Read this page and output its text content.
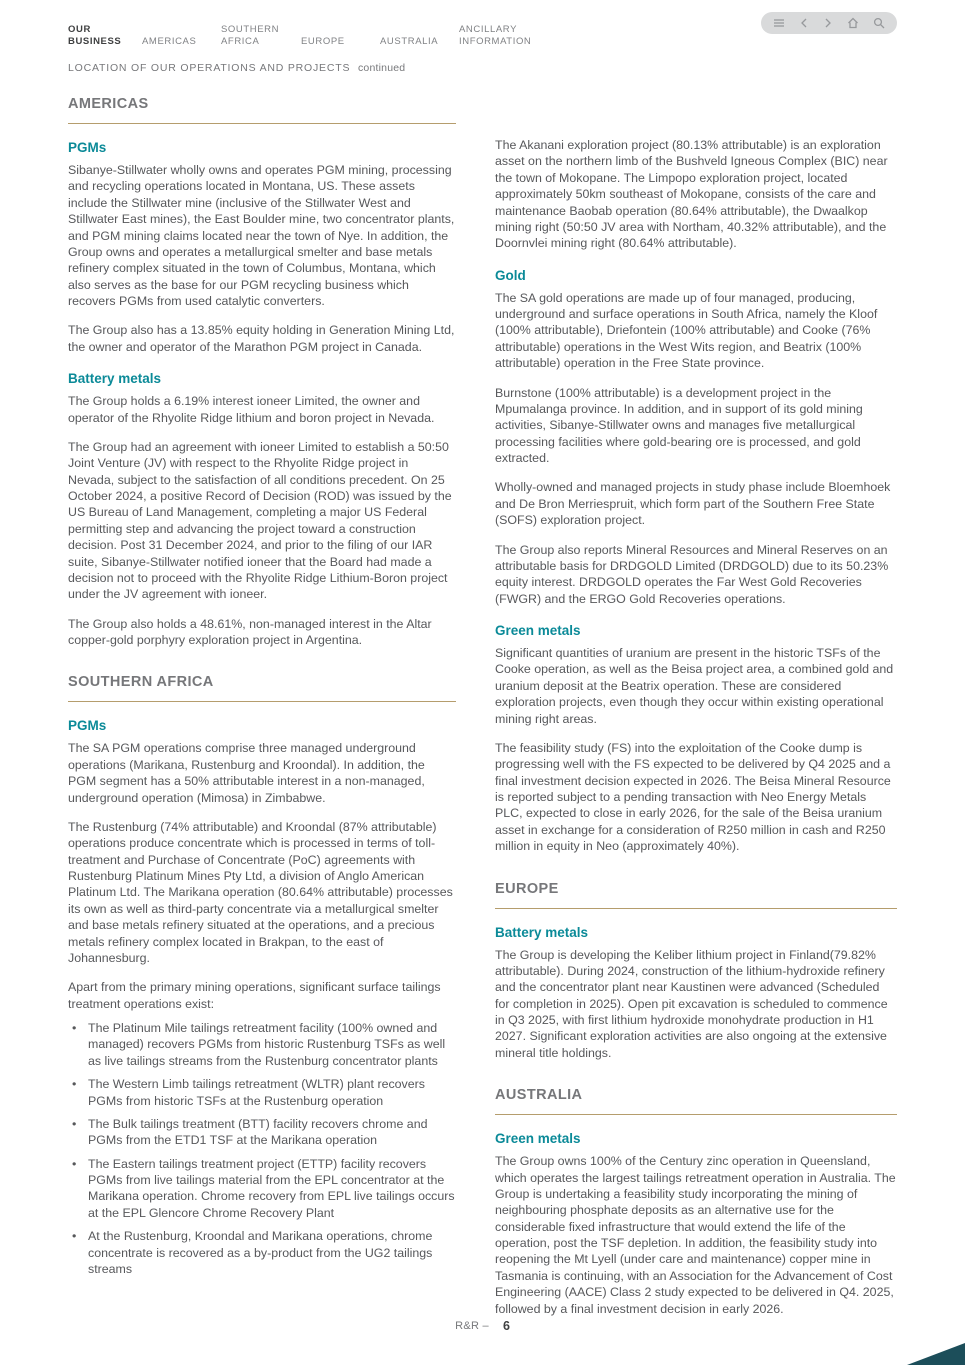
OUR BUSINESS	AMERICAS
SOUTHERN AFRICA	EUROPE	AUSTRALIA
ANCILLARY INFORMATION
LOCATION OF OUR OPERATIONS AND PROJECTS continued
AMERICAS
PGMs

Sibanye-Stillwater wholly owns and operates PGM mining, processing and recycling operations located in Montana, US. These assets include the Stillwater mine (inclusive of the Stillwater West and Stillwater East mines), the East Boulder mine, two concentrator plants, and PGM mining claims located near the town of Nye. In addition, the Group owns and operates a metallurgical smelter and base metals refinery complex situated in the town of Columbus, Montana, which also serves as the base for our PGM recycling business which recovers PGMs from used catalytic converters.

The Group also has a 13.85% equity holding in Generation Mining Ltd, the owner and operator of the Marathon PGM project in Canada.

Battery metals

The Group holds a 6.19% interest ioneer Limited, the owner and operator of the Rhyolite Ridge lithium and boron project in Nevada.

The Group had an agreement with ioneer Limited to establish a 50:50 Joint Venture (JV) with respect to the Rhyolite Ridge project in Nevada, subject to the satisfaction of all conditions precedent. On 25 October 2024, a positive Record of Decision (ROD) was issued by the US Bureau of Land Management, completing a major US Federal permitting step and advancing the project toward a construction decision. Post 31 December 2024, and prior to the filing of our IAR suite, Sibanye-Stillwater notified ioneer that the Board had made a decision not to proceed with the Rhyolite Ridge Lithium-Boron project under the JV agreement with ioneer.

The Group also holds a 48.61%, non-managed interest in the Altar copper-gold porphyry exploration project in Argentina.

SOUTHERN AFRICA
PGMs

The SA PGM operations comprise three managed underground operations (Marikana, Rustenburg and Kroondal). In addition, the PGM segment has a 50% attributable interest in a non-managed, underground operation (Mimosa) in Zimbabwe.

The Rustenburg (74% attributable) and Kroondal (87% attributable) operations produce concentrate which is processed in terms of toll-treatment and Purchase of Concentrate (PoC) agreements with Rustenburg Platinum Mines Pty Ltd, a division of Anglo American Platinum Ltd. The Marikana operation (80.64% attributable) processes its own as well as third-party concentrate via a metallurgical smelter and base metals refinery situated at the operations, and a precious metals refinery complex located in Brakpan, to the east of Johannesburg.

Apart from the primary mining operations, significant surface tailings treatment operations exist:

• The Platinum Mile tailings retreatment facility (100% owned and managed) recovers PGMs from historic Rustenburg TSFs as well as live tailings streams from the Rustenburg concentrator plants
• The Western Limb tailings retreatment (WLTR) plant recovers PGMs from historic TSFs at the Rustenburg operation
• The Bulk tailings treatment (BTT) facility recovers chrome and PGMs from the ETD1 TSF at the Marikana operation
• The Eastern tailings treatment project (ETTP) facility recovers PGMs from live tailings material from the EPL concentrator at the Marikana operation. Chrome recovery from EPL live tailings occurs at the EPL Glencore Chrome Recovery Plant
• At the Rustenburg, Kroondal and Marikana operations, chrome concentrate is recovered as a by-product from the UG2 tailings streams

The Akanani exploration project (80.13% attributable) is an exploration asset on the northern limb of the Bushveld Igneous Complex (BIC) near the town of Mokopane. The Limpopo exploration project, located approximately 50km southeast of Mokopane, consists of the care and maintenance Baobab operation (80.64% attributable), the Dwaalkop mining right (50:50 JV area with Northam, 40.32% attributable), and the Doornvlei mining right (80.64% attributable).

Gold

The SA gold operations are made up of four managed, producing, underground and surface operations in South Africa, namely the Kloof (100% attributable), Driefontein (100% attributable) and Cooke (76% attributable) operations in the West Wits region, and Beatrix (100% attributable) operation in the Free State province.

Burnstone (100% attributable) is a development project in the Mpumalanga province. In addition, and in support of its gold mining activities, Sibanye-Stillwater owns and manages five metallurgical processing facilities where gold-bearing ore is processed, and gold extracted.

Wholly-owned and managed projects in study phase include Bloemhoek and De Bron Merriespruit, which form part of the Southern Free State (SOFS) exploration project.

The Group also reports Mineral Resources and Mineral Reserves on an attributable basis for DRDGOLD Limited (DRDGOLD) due to its 50.23% equity interest. DRDGOLD operates the Far West Gold Recoveries (FWGR) and the ERGO Gold Recoveries operations.

Green metals

Significant quantities of uranium are present in the historic TSFs of the Cooke operation, as well as the Beisa project area, a combined gold and uranium deposit at the Beatrix operation. These are considered exploration projects, even though they occur within existing operational mining right areas.

The feasibility study (FS) into the exploitation of the Cooke dump is progressing well with the FS expected to be delivered by Q4 2025 and a final investment decision expected in 2026. The Beisa Mineral Resource is reported subject to a pending transaction with Neo Energy Metals PLC, expected to close in early 2026, for the sale of the Beisa uranium asset in exchange for a consideration of R250 million in cash and R250 million in equity in Neo (approximately 40%).

EUROPE
Battery metals

The Group is developing the Keliber lithium project in Finland(79.82% attributable). During 2024, construction of the lithium-hydroxide refinery and the concentrator plant near Kaustinen were advanced (Scheduled for completion in 2025). Open pit excavation is scheduled to commence in Q3 2025, with first lithium hydroxide monohydrate production in H1 2027. Significant exploration activities are also ongoing at the extensive mineral title holdings.

AUSTRALIA
Green metals

The Group owns 100% of the Century zinc operation in Queensland, which operates the largest tailings retreatment operation in Australia. The Group is undertaking a feasibility study incorporating the mining of neighbouring phosphate deposits as an alternative use for the considerable fixed infrastructure that would extend the life of the operation, post the TSF depletion. In addition, the feasibility study into reopening the Mt Lyell (under care and maintenance) copper mine in Tasmania is continuing, with an Association for the Advancement of Cost Engineering (AACE) Class 2 study expected to be delivered in Q4. 2025, followed by a final investment decision in early 2026.

R&R – 6
